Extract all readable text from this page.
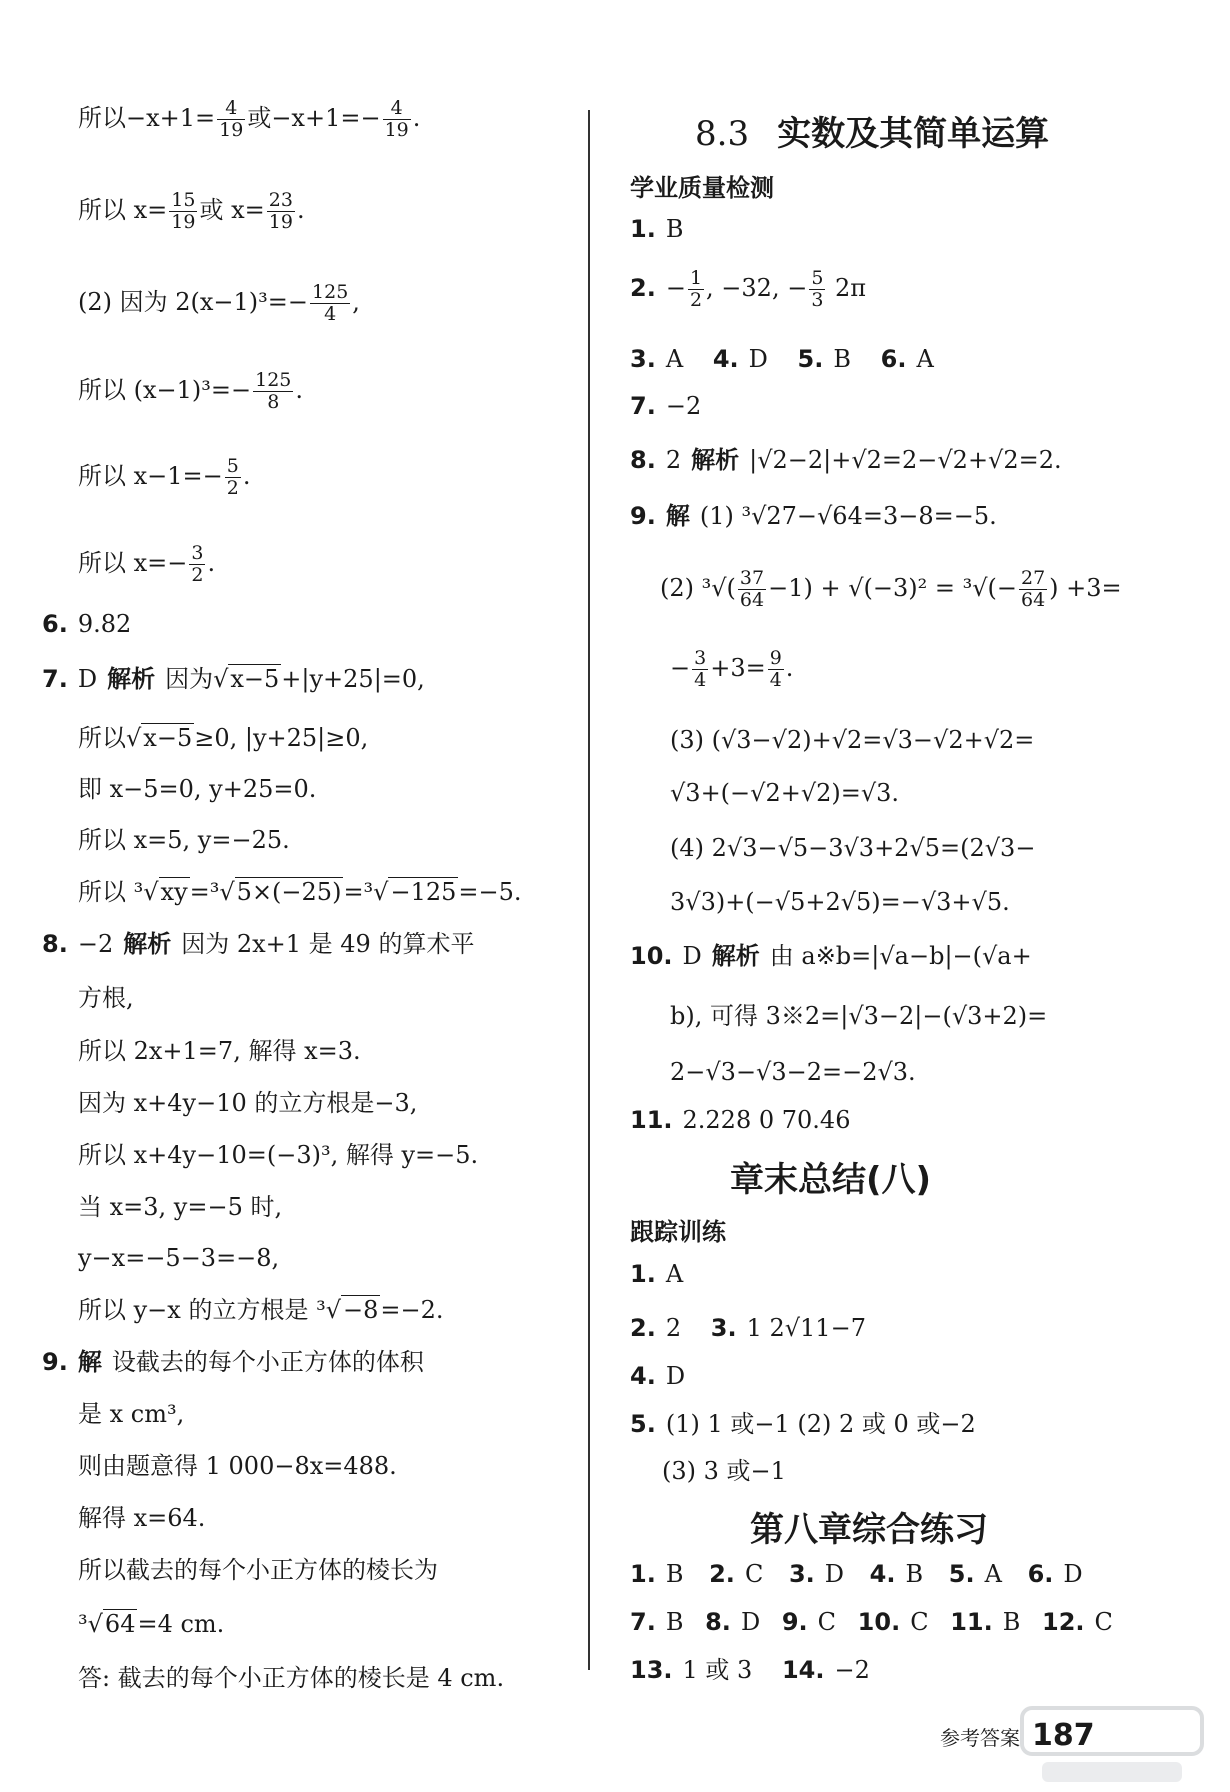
所以$-x+1= \frac{4}{19}$ 或$-x+1=- \frac{4}{19}$ .
所以 $x= \frac{15}{19}$ 或 $x= \frac{23}{19}$ .
(2) 因为 $2(x-1)^3=- \frac{125}{4}$ ,
所以 $(x-1)^3=- \frac{125}{8}$ .
所以 $x-1=- \frac{5}{2}$ .
所以 $x=- \frac{3}{2}$ .
6. 9.82
7. D 解析 因为√x−5+|y+25|=0,
所以√x−5≥0, |y+25|≥0,
即 x−5=0, y+25=0.
所以 x=5, y=−25.
所以 ³√xy=³√5×(−25)=³√−125=−5.
8. −2 解析 因为 2x+1 是 49 的算术平
方根,
所以 2x+1=7, 解得 x=3.
因为 x+4y−10 的立方根是−3,
所以 x+4y−10=(−3)³, 解得 y=−5.
当 x=3, y=−5 时,
y−x=−5−3=−8,
所以 y−x 的立方根是 ³√−8=−2.
9. 解 设截去的每个小正方体的体积
是 x cm³,
则由题意得 1 000−8x=488.
解得 x=64.
所以截去的每个小正方体的棱长为
³√64=4 cm.
答: 截去的每个小正方体的棱长是 4 cm.
8.3 实数及其简单运算
学业质量检测
1. B
2. − $\frac{1}{2}$ , −32, − $\frac{5}{3} 2\pi$
3. A 4. D 5. B 6. A
7. −2
8. 2 解析 |√2−2|+√2=2−√2+√2=2.
9. 解 (1) ³√27−√64=3−8=−5.
(2) $^3√( \frac{37}{64} -1) + √(-3)^2 = ^3√(- \frac{27}{64}$ ) +3=
− $\frac{3}{4} +3= \frac{9}{4}$ .
(3) (√3−√2)+√2=√3−√2+√2=
√3+(−√2+√2)=√3.
(4) 2√3−√5−3√3+2√5=(2√3−
3√3)+(−√5+2√5)=−√3+√5.
10. D 解析 由 a※b=|√a−b|−(√a+
b), 可得 3※2=|√3−2|−(√3+2)=
2−√3−√3−2=−2√3.
11. 2.228 0 70.46
章末总结(八)
跟踪训练
1. A
2. 2 3. 1 2√11−7
4. D
5. (1) 1 或−1 (2) 2 或 0 或−2
(3) 3 或−1
第八章综合练习
1. B 2. C 3. D 4. B 5. A 6. D
7. B 8. D 9. C 10. C 11. B 12. C
13. 1 或 3 14. −2
参考答案 187
